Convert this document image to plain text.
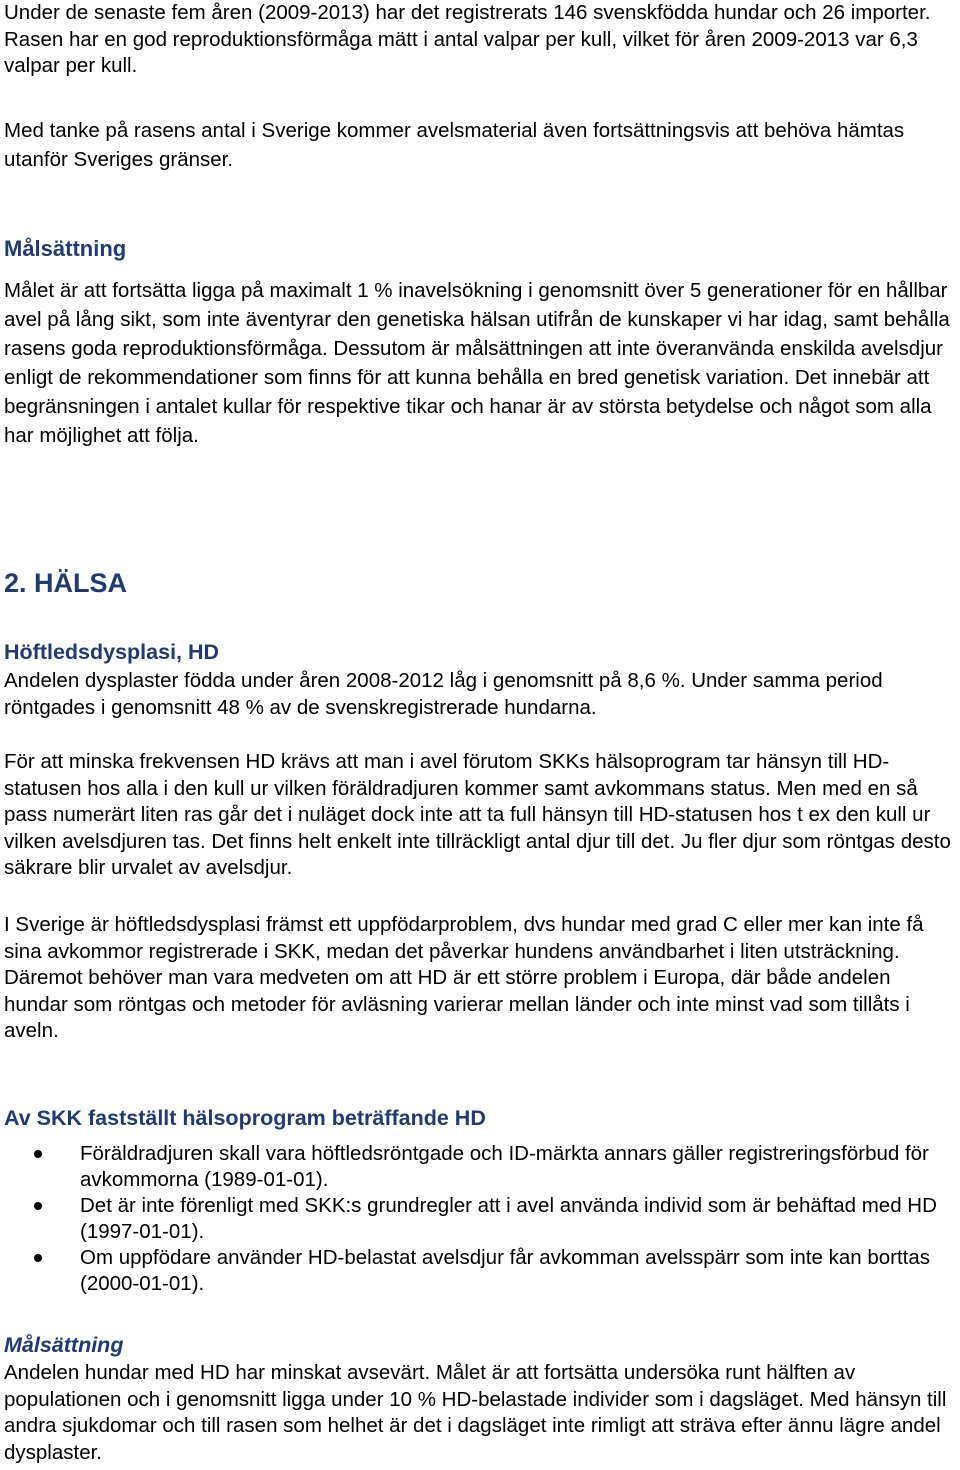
Under de senaste fem åren (2009-2013) har det registrerats 146 svenskfödda hundar och 26 importer. Rasen har en god reproduktionsförmåga mätt i antal valpar per kull, vilket för åren 2009-2013 var 6,3 valpar per kull.

Med tanke på rasens antal i Sverige kommer avelsmaterial även fortsättningsvis att behöva hämtas utanför Sveriges gränser.

Målsättning

Målet är att fortsätta ligga på maximalt 1 % inavelsökning i genomsnitt över 5 generationer för en hållbar avel på lång sikt, som inte äventyrar den genetiska hälsan utifrån de kunskaper vi har idag, samt behålla rasens goda reproduktionsförmåga. Dessutom är målsättningen att inte överanvända enskilda avelsdjur enligt de rekommendationer som finns för att kunna behålla en bred genetisk variation. Det innebär att begränsningen i antalet kullar för respektive tikar och hanar är av största betydelse och något som alla har möjlighet att följa.

2. HÄLSA

Höftledsdysplasi, HD

Andelen dysplaster födda under åren 2008-2012 låg i genomsnitt på 8,6 %. Under samma period röntgades i genomsnitt 48 % av de svenskregistrerade hundarna.

För att minska frekvensen HD krävs att man i avel förutom SKKs hälsoprogram tar hänsyn till HD-statusen hos alla i den kull ur vilken föräldradjuren kommer samt avkommans status. Men med en så pass numerärt liten ras går det i nuläget dock inte att ta full hänsyn till HD-statusen hos t ex den kull ur vilken avelsdjuren tas. Det finns helt enkelt inte tillräckligt antal djur till det. Ju fler djur som röntgas desto säkrare blir urvalet av avelsdjur.

I Sverige är höftledsdysplasi främst ett uppfödarproblem, dvs hundar med grad C eller mer kan inte få sina avkommor registrerade i SKK, medan det påverkar hundens användbarhet i liten utsträckning. Däremot behöver man vara medveten om att HD är ett större problem i Europa, där både andelen hundar som röntgas och metoder för avläsning varierar mellan länder och inte minst vad som tillåts i aveln.

Av SKK fastställt hälsoprogram beträffande HD

Föräldradjuren skall vara höftledsröntgade och ID-märkta annars gäller registreringsförbud för avkommorna (1989-01-01).
Det är inte förenligt med SKK:s grundregler att i avel använda individ som är behäftad med HD (1997-01-01).
Om uppfödare använder HD-belastat avelsdjur får avkomman avelsspärr som inte kan borttas (2000-01-01).

Målsättning

Andelen hundar med HD har minskat avsevärt. Målet är att fortsätta undersöka runt hälften av populationen och i genomsnitt ligga under 10 % HD-belastade individer som i dagsläget. Med hänsyn till andra sjukdomar och till rasen som helhet är det i dagsläget inte rimligt att sträva efter ännu lägre andel dysplaster.
